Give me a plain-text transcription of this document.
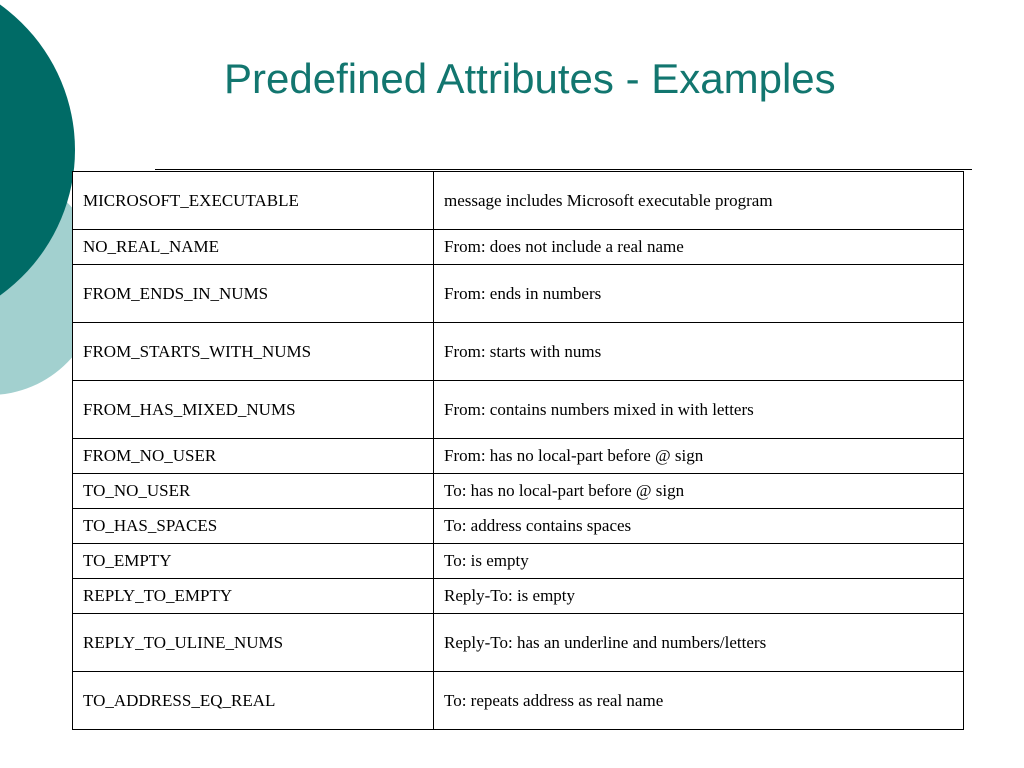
Predefined Attributes - Examples
MICROSOFT_EXECUTABLE	message includes Microsoft executable program
NO_REAL_NAME	From: does not include a real name
FROM_ENDS_IN_NUMS	From: ends in numbers
FROM_STARTS_WITH_NUMS	From: starts with nums
FROM_HAS_MIXED_NUMS	From: contains numbers mixed in with letters
FROM_NO_USER	From: has no local-part before @ sign
TO_NO_USER	To: has no local-part before @ sign
TO_HAS_SPACES	To: address contains spaces
TO_EMPTY	To: is empty
REPLY_TO_EMPTY	Reply-To: is empty
REPLY_TO_ULINE_NUMS	Reply-To: has an underline and numbers/letters
TO_ADDRESS_EQ_REAL	To: repeats address as real name
